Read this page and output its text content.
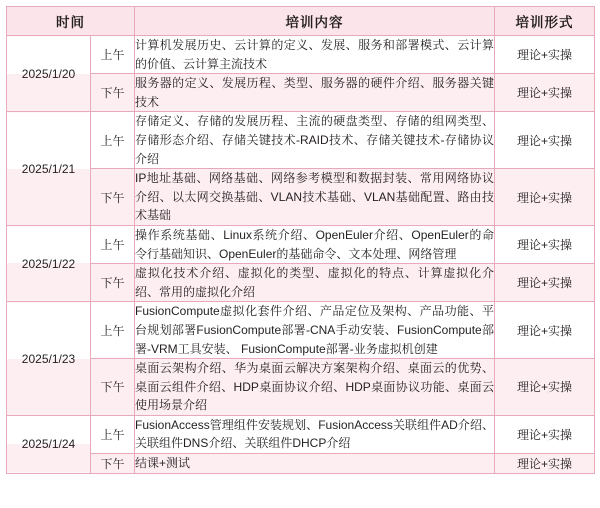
时间		培训内容	培训形式
2025/1/20	上午	计算机发展历史、云计算的定义、发展、服务和部署模式、云计算的价值、云计算主流技术	理论+实操
	下午	服务器的定义、发展历程、类型、服务器的硬件介绍、服务器关键技术	理论+实操
2025/1/21	上午	存储定义、存储的发展历程、主流的硬盘类型、存储的组网类型、存储形态介绍、存储关键技术-RAID技术、存储关键技术-存储协议介绍	理论+实操
	下午	IP地址基础、网络基础、网络参考模型和数据封装、常用网络协议介绍、以太网交换基础、VLAN技术基础、VLAN基础配置、路由技术基础	理论+实操
2025/1/22	上午	操作系统基础、Linux系统介绍、OpenEuler介绍、OpenEuler的命令行基础知识、OpenEuler的基础命令、文本处理、网络管理	理论+实操
	下午	虚拟化技术介绍、虚拟化的类型、虚拟化的特点、计算虚拟化介绍、常用的虚拟化介绍	理论+实操
2025/1/23	上午	FusionCompute虚拟化套件介绍、产品定位及架构、产品功能、平台规划部署FusionCompute部署-CNA手动安装、FusionCompute部署-VRM工具安装、 FusionCompute部署-业务虚拟机创建	理论+实操
	下午	桌面云架构介绍、华为桌面云解决方案架构介绍、桌面云的优势、桌面云组件介绍、HDP桌面协议介绍、HDP桌面协议功能、桌面云使用场景介绍	理论+实操
2025/1/24	上午	FusionAccess管理组件安装规划、FusionAccess关联组件AD介绍、关联组件DNS介绍、关联组件DHCP介绍	理论+实操
	下午	结课+测试	理论+实操
